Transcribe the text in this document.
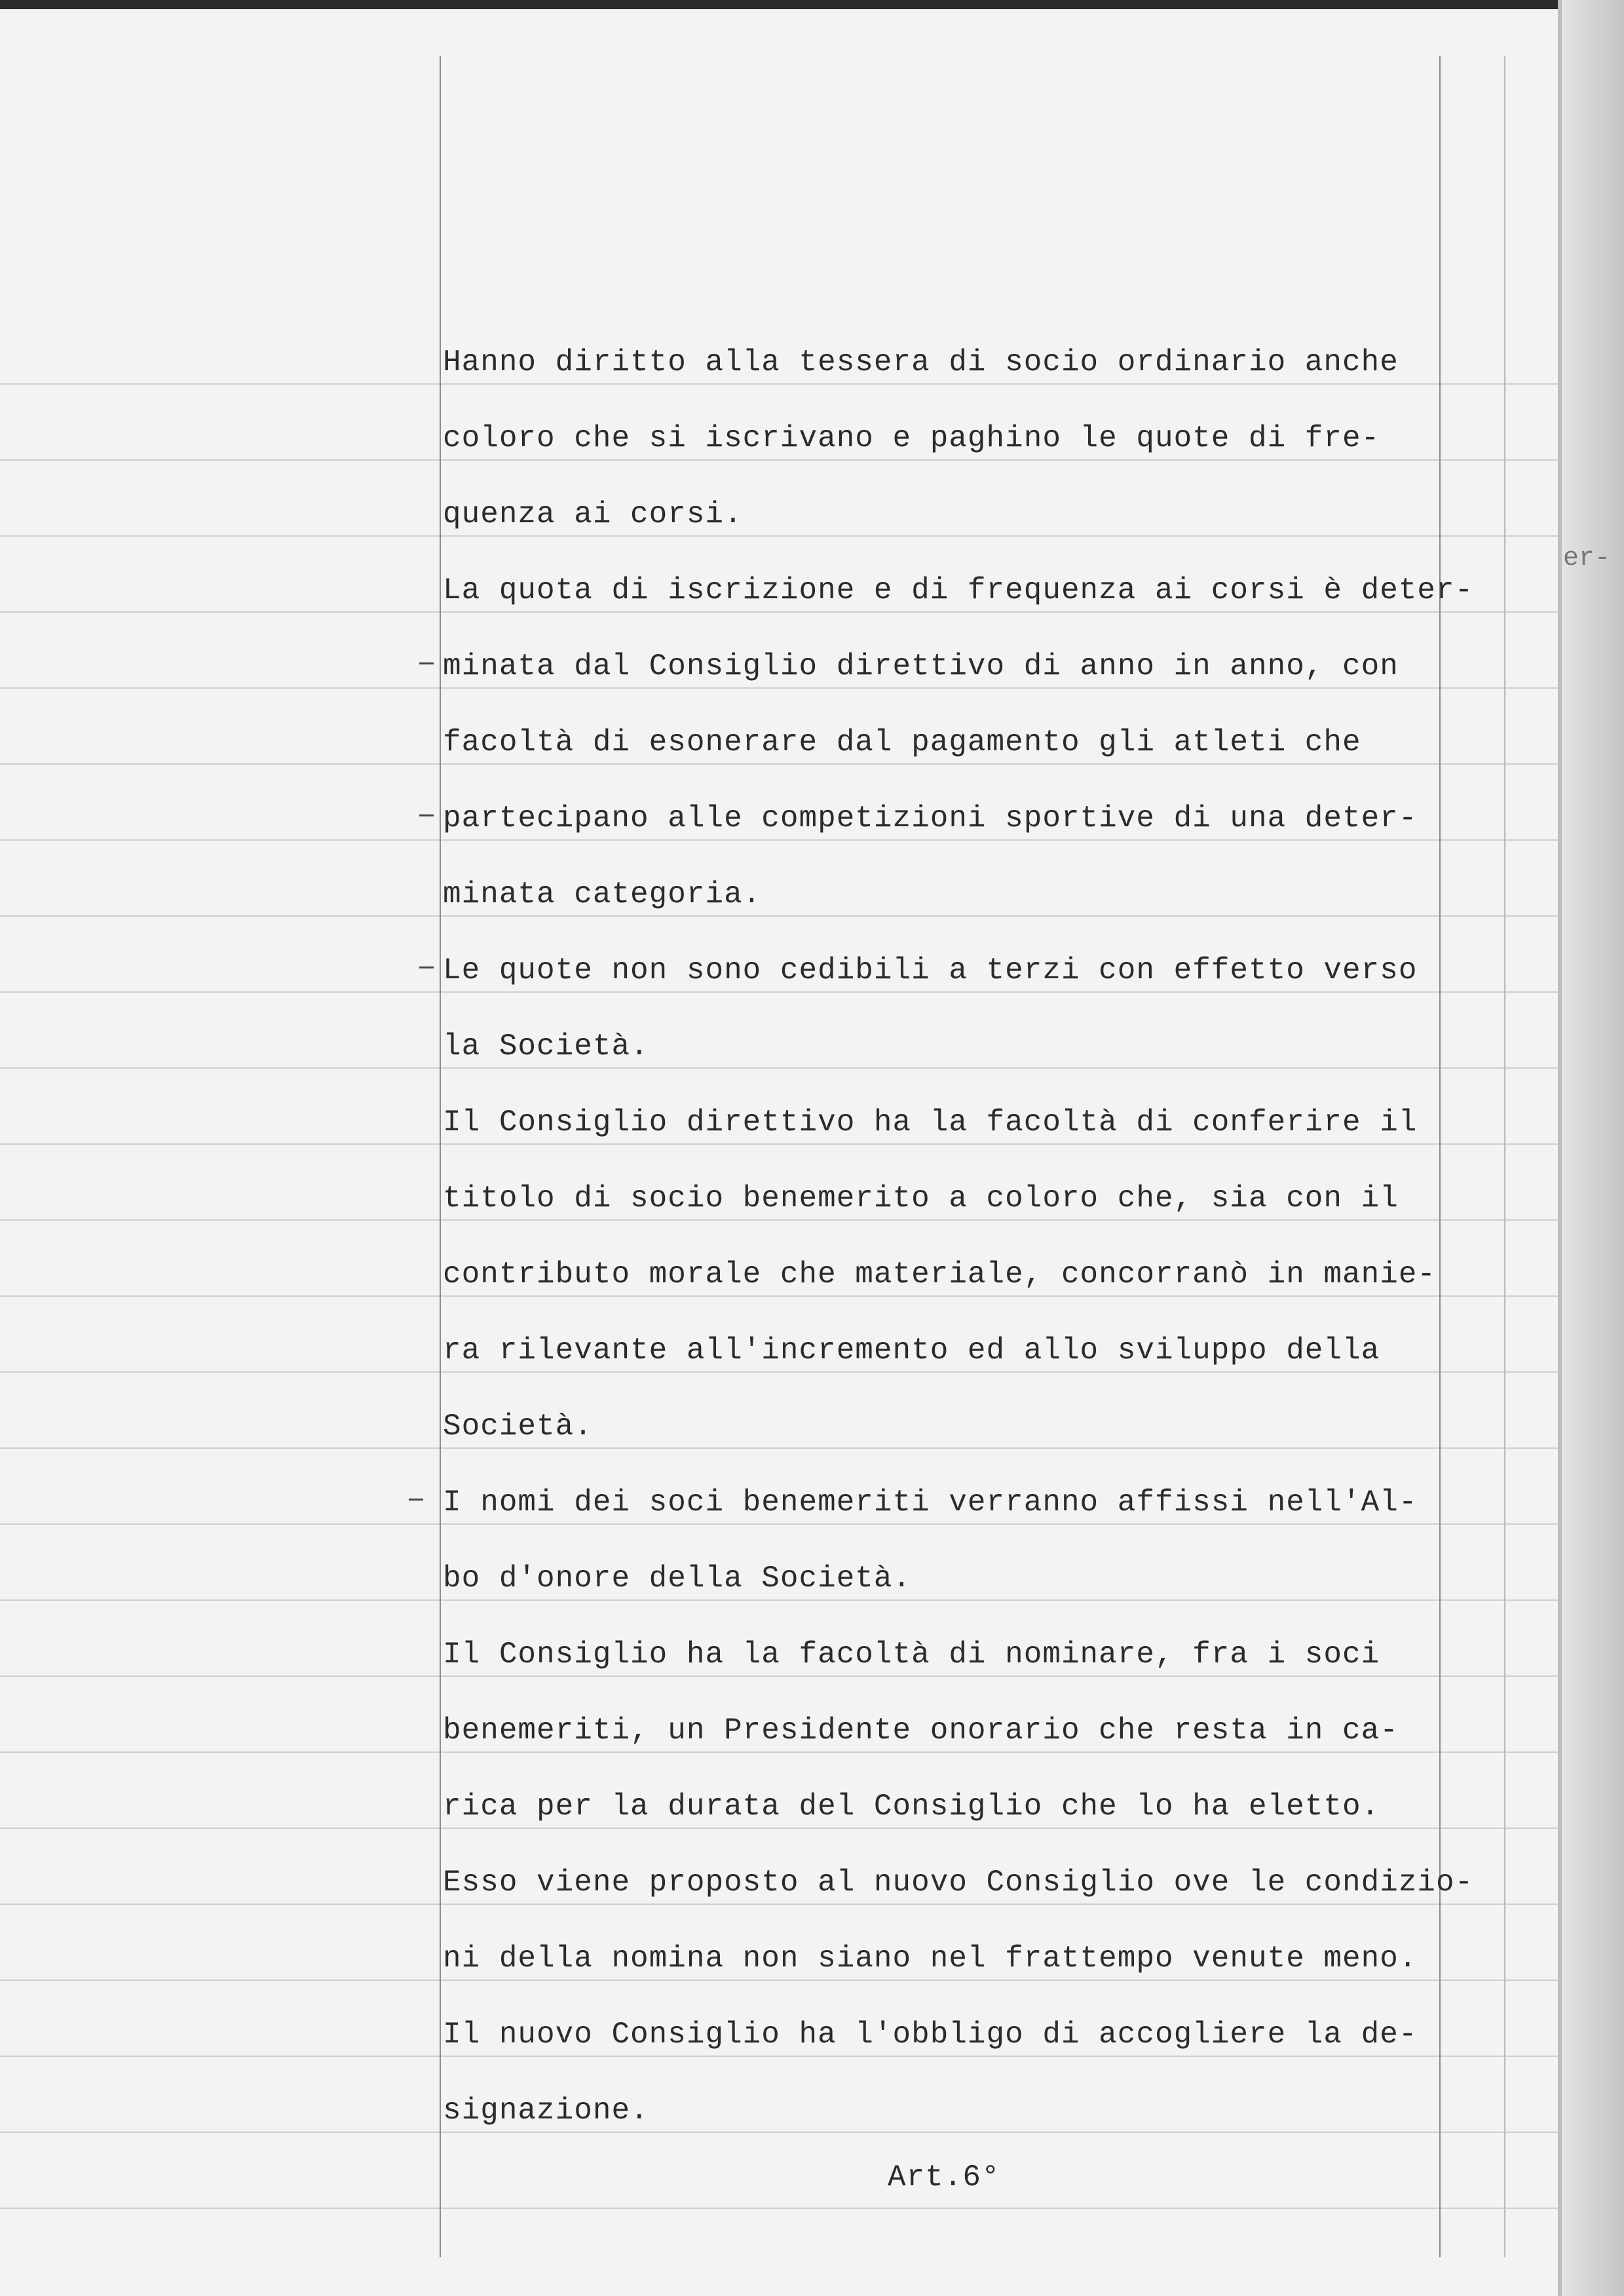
Hanno diritto alla tessera di socio ordinario anche
coloro che si iscrivano e paghino le quote di fre-
quenza ai corsi.
La quota di iscrizione e di frequenza ai corsi è deter-
minata dal Consiglio direttivo di anno in anno, con
facoltà di esonerare dal pagamento gli atleti che
partecipano alle competizioni sportive di una deter-
minata categoria.
Le quote non sono cedibili a terzi con effetto verso
la Società.
Il Consiglio direttivo ha la facoltà di conferire il
titolo di socio benemerito a coloro che, sia con il
contributo morale che materiale, concorranò in manie-
ra rilevante all'incremento ed allo sviluppo della
Società.
I nomi dei soci benemeriti verranno affissi nell'Al-
bo d'onore della Società.
Il Consiglio ha la facoltà di nominare, fra i soci
benemeriti, un Presidente onorario che resta in ca-
rica per la durata del Consiglio che lo ha eletto.
Esso viene proposto al nuovo Consiglio ove le condizio-
ni della nomina non siano nel frattempo venute meno.
Il nuovo Consiglio ha l'obbligo di accogliere la de-
signazione.
Art.6°
er-
